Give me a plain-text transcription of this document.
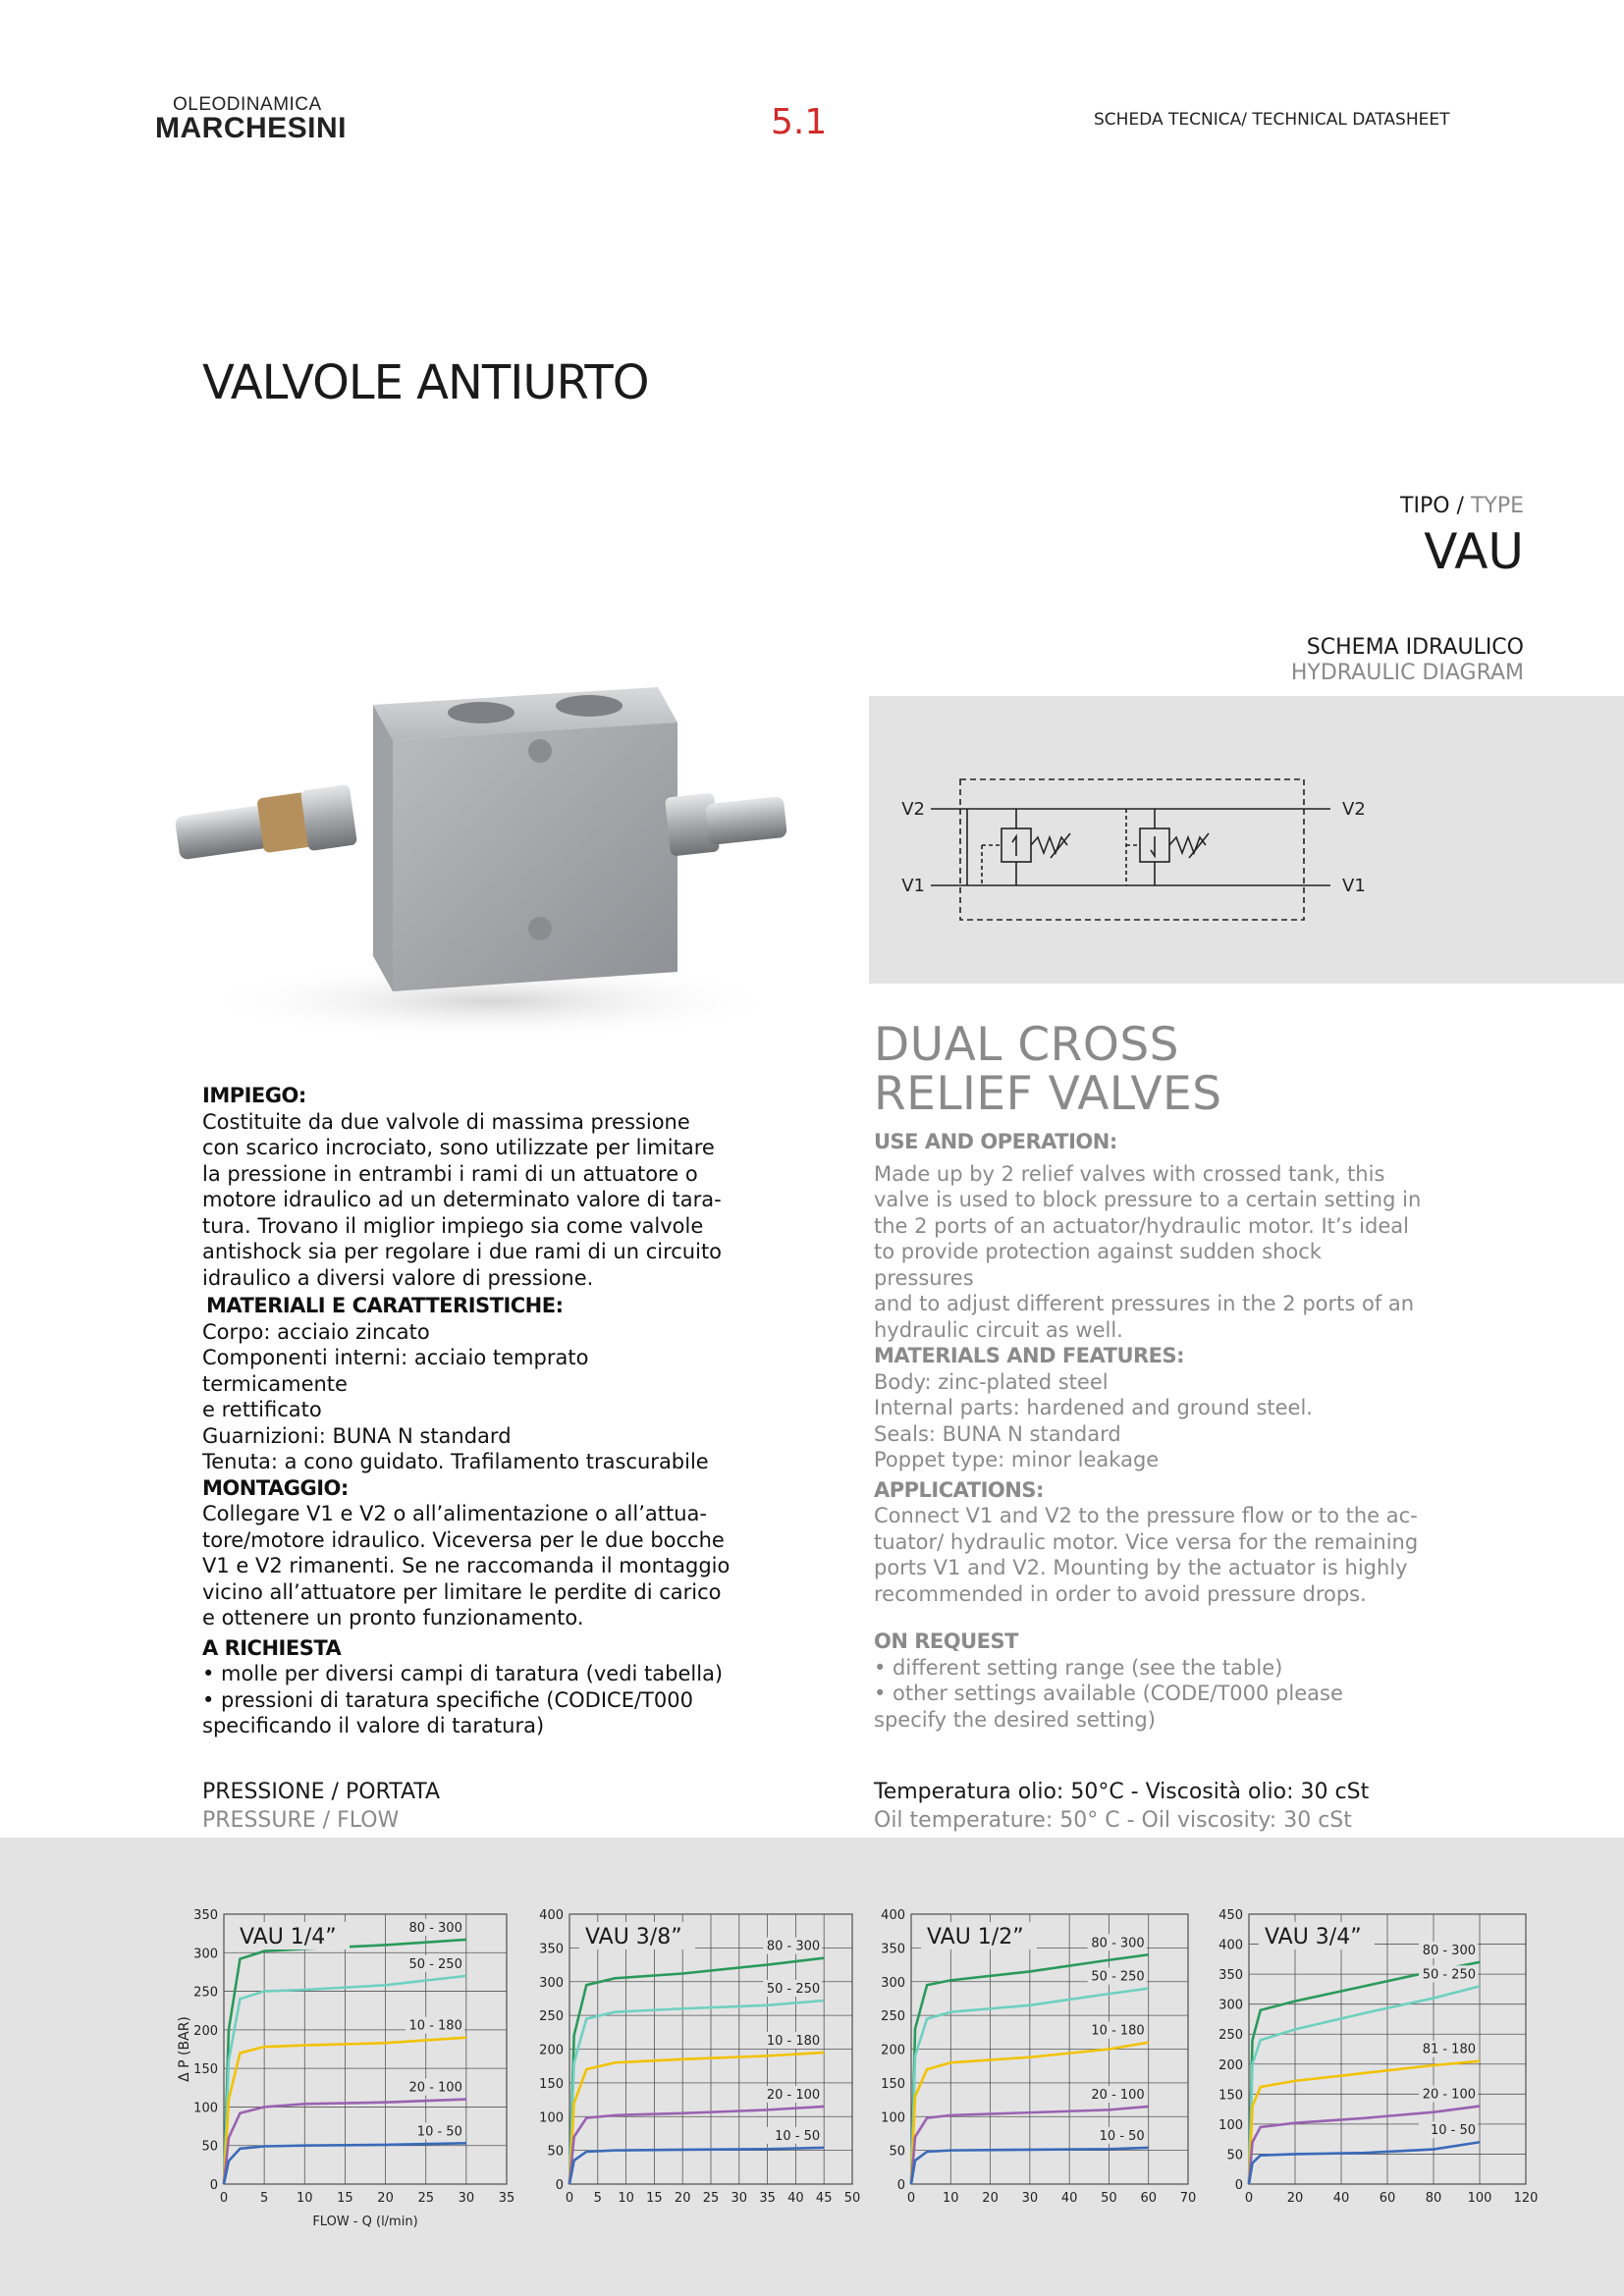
OLEODINAMICA
MARCHESINI	5.1	SCHEDA TECNICA/ TECHNICAL DATASHEET
VALVOLE ANTIURTO
TIPO / TYPE
VAU
SCHEMA IDRAULICO
HYDRAULIC DIAGRAM
V2
V1
V2
V1
IMPIEGO:

Costituite da due valvole di massima pressione

con scarico incrociato, sono utilizzate per limitare

la pressione in entrambi i rami di un attuatore o

motore idraulico ad un determinato valore di tara-

tura. Trovano il miglior impiego sia come valvole

antishock sia per regolare i due rami di un circuito

idraulico a diversi valore di pressione.

MATERIALI E CARATTERISTICHE:

Corpo: acciaio zincato

Componenti interni: acciaio temprato termicamente

e rettificato

Guarnizioni: BUNA N standard

Tenuta: a cono guidato. Trafilamento trascurabile

MONTAGGIO:

Collegare V1 e V2 o all’alimentazione o all’attua-

tore/motore idraulico. Viceversa per le due bocche

V1 e V2 rimanenti. Se ne raccomanda il montaggio

vicino all’attuatore per limitare le perdite di carico

e ottenere un pronto funzionamento.

A RICHIESTA

• molle per diversi campi di taratura (vedi tabella)

• pressioni di taratura specifiche (CODICE/T000

specificando il valore di taratura)

DUAL CROSS
RELIEF VALVES
USE AND OPERATION:

Made up by 2 relief valves with crossed tank, this

valve is used to block pressure to a certain setting in

the 2 ports of an actuator/hydraulic motor. It’s ideal

to provide protection against sudden shock pressures

and to adjust different pressures in the 2 ports of an

hydraulic circuit as well.

MATERIALS AND FEATURES:

Body: zinc-plated steel

Internal parts: hardened and ground steel.

Seals: BUNA N standard

Poppet type: minor leakage

APPLICATIONS:

Connect V1 and V2 to the pressure flow or to the ac-

tuator/ hydraulic motor. Vice versa for the remaining

ports V1 and V2. Mounting by the actuator is highly

recommended in order to avoid pressure drops.

ON REQUEST

• different setting range (see the table)

• other settings available (CODE/T000 please

specify the desired setting)

PRESSIONE / PORTATA
PRESSURE / FLOW
Temperatura olio: 50°C - Viscosità olio: 30 cSt
Oil temperature: 50° C - Oil viscosity: 30 cSt
0	5 10 15 20 25 30 35
0
50
100
150
200
250
300
350
80 - 300
50 - 250
10 - 180
20 - 100
10 - 50
VAU 1/4”
FLOW - Q (l/min)
Δ P (BAR)
0 5 10 15 20 25 30 35 40 45 50
0
50
100
150
200
250
300
350
400
80 - 300
50 - 250
10 - 180
20 - 100
10 - 50
VAU 3/8”
0 10 20 30 40 50 60 70
0
50
100
150
200
250
300
350
400
80 - 300
50 - 250
10 - 180
20 - 100
10 - 50
VAU 1/2”
0	20 40 60 80 100 120
0
50
100
150
200
250
300
350
400
450
80 - 300
50 - 250
81 - 180
20 - 100
10 - 50
VAU 3/4”
